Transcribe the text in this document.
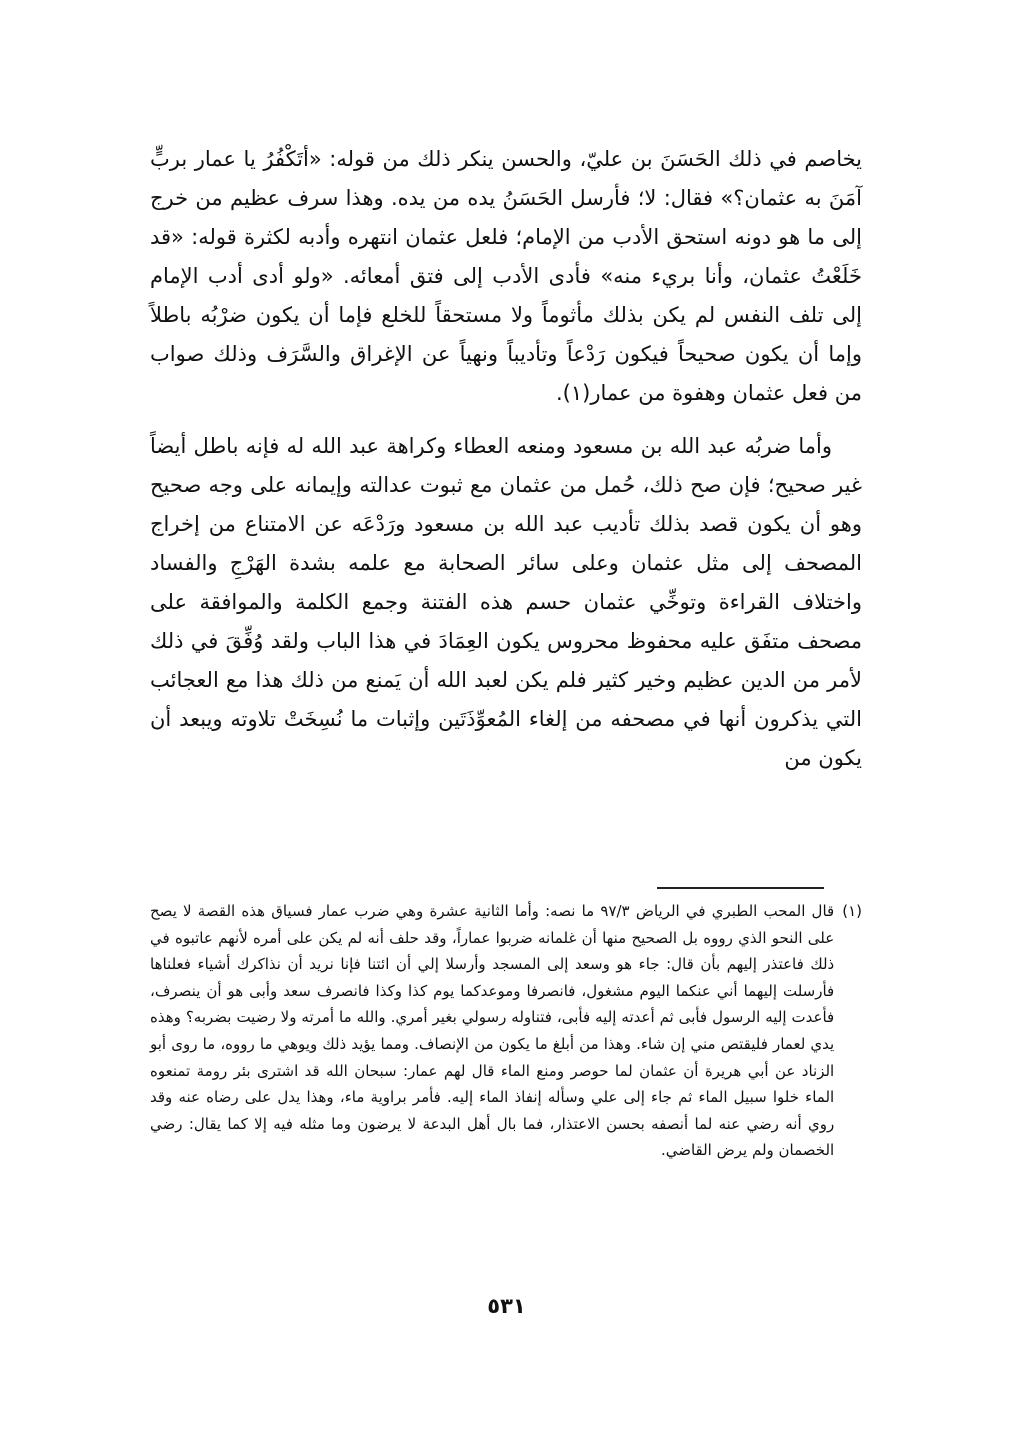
يخاصم في ذلك الحَسَنَ بن عليّ، والحسن ينكر ذلك من قوله: «أتَكْفُرُ يا عمار بربٍّ آمَنَ به عثمان؟» فقال: لا؛ فأرسل الحَسَنُ يده من يده. وهذا سرف عظيم من خرج إلى ما هو دونه استحق الأدب من الإمام؛ فلعل عثمان انتهره وأدبه لكثرة قوله: «قد خَلَعْتُ عثمان، وأنا بريء منه» فأدى الأدب إلى فتق أمعائه. «ولو أدى أدب الإمام إلى تلف النفس لم يكن بذلك مأثوماً ولا مستحقاً للخلع فإما أن يكون ضرْبُه باطلاً وإما أن يكون صحيحاً فيكون رَدْعاً وتأديباً ونهياً عن الإغراق والسَّرَف وذلك صواب من فعل عثمان وهفوة من عمار(١).

وأما ضربُه عبد الله بن مسعود ومنعه العطاء وكراهة عبد الله له فإنه باطل أيضاً غير صحيح؛ فإن صح ذلك، حُمل من عثمان مع ثبوت عدالته وإيمانه على وجه صحيح وهو أن يكون قصد بذلك تأديب عبد الله بن مسعود ورَدْعَه عن الامتناع من إخراج المصحف إلى مثل عثمان وعلى سائر الصحابة مع علمه بشدة الهَرْجِ والفساد واختلاف القراءة وتوخِّي عثمان حسم هذه الفتنة وجمع الكلمة والموافقة على مصحف متفَق عليه محفوظ محروس يكون العِمَادَ في هذا الباب ولقد وُفِّقَ في ذلك لأمر من الدين عظيم وخير كثير فلم يكن لعبد الله أن يَمنع من ذلك هذا مع العجائب التي يذكرون أنها في مصحفه من إلغاء المُعوِّذَتَين وإثبات ما نُسِخَتْ تلاوته ويبعد أن يكون من

(١)

قال المحب الطبري في الرياض ٩٧/٣ ما نصه: وأما الثانية عشرة وهي ضرب عمار فسياق هذه القصة لا يصح على النحو الذي رووه بل الصحيح منها أن غلمانه ضربوا عماراً، وقد حلف أنه لم يكن على أمره لأنهم عاتبوه في ذلك فاعتذر إليهم بأن قال: جاء هو وسعد إلى المسجد وأرسلا إلي أن ائتنا فإنا نريد أن نذاكرك أشياء فعلناها فأرسلت إليهما أني عنكما اليوم مشغول، فانصرفا وموعدكما يوم كذا وكذا فانصرف سعد وأبى هو أن ينصرف، فأعدت إليه الرسول فأبى ثم أعدته إليه فأبى، فتناوله رسولي بغير أمري. والله ما أمرته ولا رضيت بضربه؟ وهذه يدي لعمار فليقتص مني إن شاء. وهذا من أبلغ ما يكون من الإنصاف. ومما يؤيد ذلك ويوهي ما رووه، ما روى أبو الزناد عن أبي هريرة أن عثمان لما حوصر ومنع الماء قال لهم عمار: سبحان الله قد اشترى بئر رومة تمنعوه الماء خلوا سبيل الماء ثم جاء إلى علي وسأله إنفاذ الماء إليه. فأمر براوية ماء، وهذا يدل على رضاه عنه وقد روي أنه رضي عنه لما أنصفه بحسن الاعتذار، فما بال أهل البدعة لا يرضون وما مثله فيه إلا كما يقال: رضي الخصمان ولم يرض القاضي.

٥٣١
